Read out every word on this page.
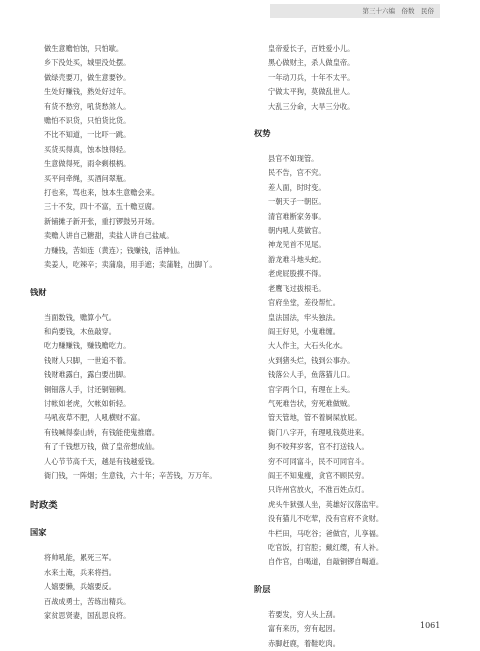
第三十六编　俗数　民俗
做生意赡怕蚀，只怕歇。
乡下没处买，城里没处摆。
做绿壳要刀，做生意要钞。
生处好赚钱，熟处好过年。
有货不愁穷，吼货愁煞人。
赡怕不识货，只怕货比货。
不比不知道，一比吓一跳。
买货买得真，蚀本蚀得轻。
生意做得死，雨伞剩根柄。
买平问牵绳，买酒问翠瓶。
打也来，骂也来，蚀本生意赡会来。
三十不发，四十不富，五十赡豆腐。
新铺摊子新开张，重打锣鼓另开场。
卖赡人讲自己糖甜，卖盐人讲自己盐咸。
力赚钱，苦如连（黄连）；钱赚钱，活神仙。
卖姜人，吃辣辛；卖蒲扇，用手遮；卖蒲鞋，出脚丫。
钱财
当面数钱，赡算小气。
和尚要钱，木鱼敲穿。
吃力赚赚钱，赚钱赡吃力。
钱财人只脚，一世追不着。
钱财难露白，露白要出脚。
铜钿落人手，讨还铜钿稠。
讨帐如老虎，欠帐如斩轻。
马吼夜草不肥，人吼横财不富。
有钱喊得泰山转，有钱能使鬼推磨。
有了千钱想万钱，做了皇帝想成仙。
人心节节高千天，越是有钱越爱钱。
衙门钱，一阵烟；生意钱，六十年；辛苦钱，万万年。
时政类
国家
将帅吼能，累死三军。
水来土淹，兵来将挡。
人嬉要懒，兵嬉要反。
百战成勇士，苦练出精兵。
家贫思贤妻，国乱思良将。
皇帝爱长子，百姓爱小儿。
黑心做财主，杀人做皇帝。
一年动刀兵，十年不太平。
宁做太平狗，莫做乱世人。
大乱三分命，大旱三分收。
权势
县官不如现管。
民不告，官不究。
差人面，时时变。
一朝天子一朝臣。
清官难断家务事。
朝内吼人莫做官。
神龙见首不见尾。
游龙难斗地头蛇。
老虎屁股摸不得。
老鹰飞过拔根毛。
官府坐堂，差役帮忙。
皇法国法，牢头独法。
阎王好见，小鬼难缠。
大人作主，大石头化水。
火到猪头烂，钱到公事办。
钱落公人手，鱼落猫儿口。
官字两个口，有理在上头。
气死难告状，穷死难做贼。
管天管地，管不着屙屎放屁。
衙门八字开，有理吼钱莫进来。
狗不咬拜岁客，官不打送钱人。
穷不可同富斗，民不可同官斗。
阎王不知鬼瘦，贪官不顾民穷。
只许州官放火，不准百姓点灯。
虎头牛狱强人坐，英雄好汉落监牢。
没有猫儿不吃荤，没有官府不贪财。
牛栏田，马吃谷；爸做官，儿享福。
吃官饭，打官腔；戴红缨，有人补。
自作官，自喝道，自敲铜锣自喝道。
阶层
若要发，穷人头上刮。
富有来历，穷有起因。
赤脚赶鹿，着鞋吃肉。
1061
